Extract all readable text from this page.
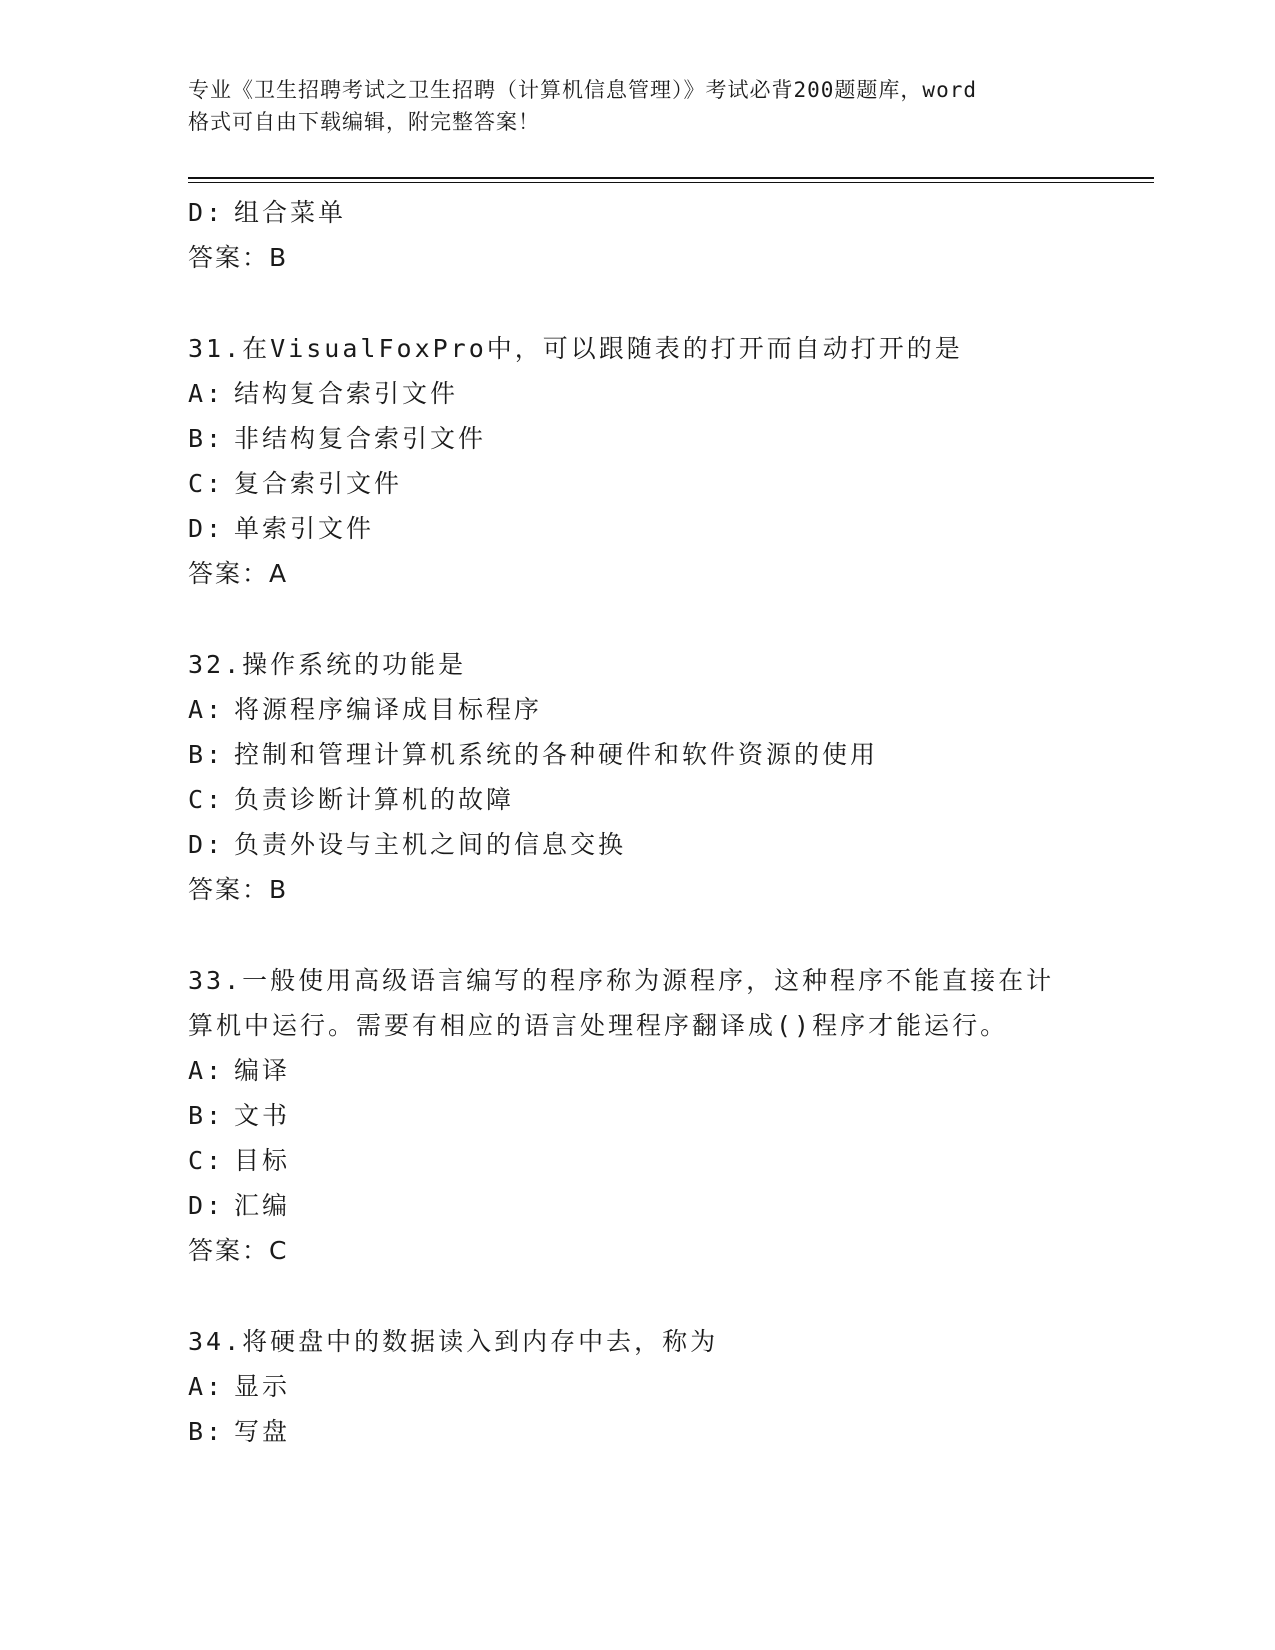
专业《卫生招聘考试之卫生招聘（计算机信息管理）》考试必背200题题库，word
格式可自由下载编辑，附完整答案！
D: 组合菜单
答案：B
31.在VisualFoxPro中，可以跟随表的打开而自动打开的是
A: 结构复合索引文件
B: 非结构复合索引文件
C: 复合索引文件
D: 单索引文件
答案：A
32.操作系统的功能是
A: 将源程序编译成目标程序
B: 控制和管理计算机系统的各种硬件和软件资源的使用
C: 负责诊断计算机的故障
D: 负责外设与主机之间的信息交换
答案：B
33.一般使用高级语言编写的程序称为源程序，这种程序不能直接在计
算机中运行。需要有相应的语言处理程序翻译成()程序才能运行。
A: 编译
B: 文书
C: 目标
D: 汇编
答案：C
34.将硬盘中的数据读入到内存中去，称为
A: 显示
B: 写盘
